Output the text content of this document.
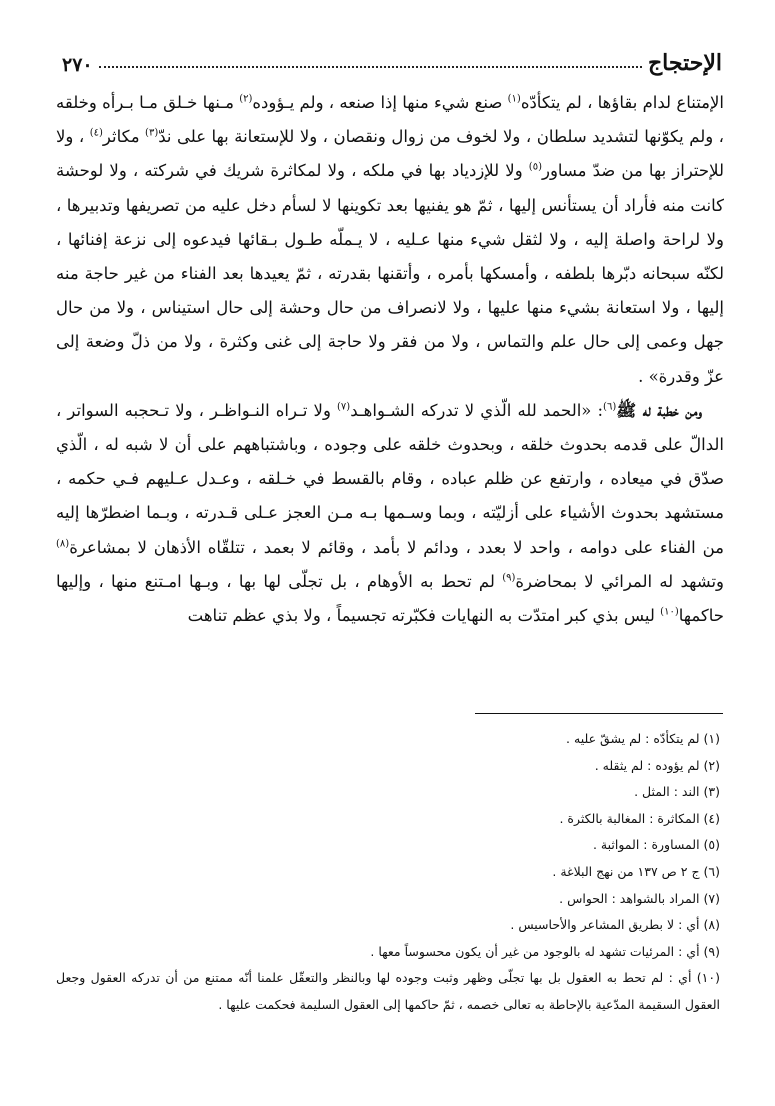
الإحتجاج
٢٧٠

الإمتناع لدام بقاؤها ، لم يتكأدّه$^{(١)}$ صنع شيء منها إذا صنعه ، ولم يـؤوده$^{(٢)}$ مـنها خـلق مـا بـرأه وخلقه ، ولم يكوّنها لتشديد سلطان ، ولا لخوف من زوال ونقصان ، ولا للإستعانة بها على ندّ$^{(٣)}$ مكاثر$^{(٤)}$ ، ولا للإحتراز بها من ضدّ مساور$^{(٥)}$ ولا للإزدياد بها في ملكه ، ولا لمكاثرة شريك في شركته ، ولا لوحشة كانت منه فأراد أن يستأنس إليها ، ثمّ هو يفنيها بعد تكوينها لا لسأم دخل عليه من تصريفها وتدبيرها ، ولا لراحة واصلة إليه ، ولا لثقل شيء منها عـليه ، لا يـملّه طـول بـقائها فيدعوه إلى نزعة إفنائها ، لكنّه سبحانه دبّرها بلطفه ، وأمسكها بأمره ، وأتقنها بقدرته ، ثمّ يعيدها بعد الفناء من غير حاجة منه إليها ، ولا استعانة بشيء منها عليها ، ولا لانصراف من حال وحشة إلى حال استيناس ، ولا من حال جهل وعمى إلى حال علم والتماس ، ولا من فقر ولا حاجة إلى غنى وكثرة ، ولا من ذلّ وضعة إلى عزّ وقدرة» .

ومن خطبة له ﷺ$^{(٦)}$: «الحمد لله الّذي لا تدركه الشـواهـد$^{(٧)}$ ولا تـراه النـواظـر ، ولا تـحجبه السواتر ، الدالّ على قدمه بحدوث خلقه ، وبحدوث خلقه على وجوده ، وباشتباههم على أن لا شبه له ، الّذي صدّق في ميعاده ، وارتفع عن ظلم عباده ، وقام بالقسط في خـلقه ، وعـدل عـليهم فـي حكمه ، مستشهد بحدوث الأشياء على أزليّته ، وبما وسـمها بـه مـن العجز عـلى قـدرته ، وبـما اضطرّها إليه من الفناء على دوامه ، واحد لا بعدد ، ودائم لا بأمد ، وقائم لا بعمد ، تتلقّاه الأذهان لا بمشاعرة$^{(٨)}$ وتشهد له المرائي لا بمحاضرة$^{(٩)}$ لم تحط به الأوهام ، بل تجلّى لها بها ، وبـها امـتنع منها ، وإليها حاكمها$^{(١٠)}$ ليس بذي كبر امتدّت به النهايات فكبّرته تجسيماً ، ولا بذي عظم تناهت

(١) لم يتكأدّه : لم يشقّ عليه .
(٢) لم يؤوده : لم يثقله .
(٣) الند : المثل .
(٤) المكاثرة : المغالبة بالكثرة .
(٥) المساورة : المواثبة .
(٦) ج ٢ ص ١٣٧ من نهج البلاغة .
(٧) المراد بالشواهد : الحواس .
(٨) أي : لا بطريق المشاعر والأحاسيس .
(٩) أي : المرئيات تشهد له بالوجود من غير أن يكون محسوساً معها .
(١٠) أي : لم تحط به العقول بل بها تجلّى وظهر وثبت وجوده لها وبالنظر والتعقّل علمنا أنّه ممتنع من أن تدركه العقول وجعل العقول السقيمة المدّعية بالإحاطة به تعالى خصمه ، ثمّ حاكمها إلى العقول السليمة فحكمت عليها .
